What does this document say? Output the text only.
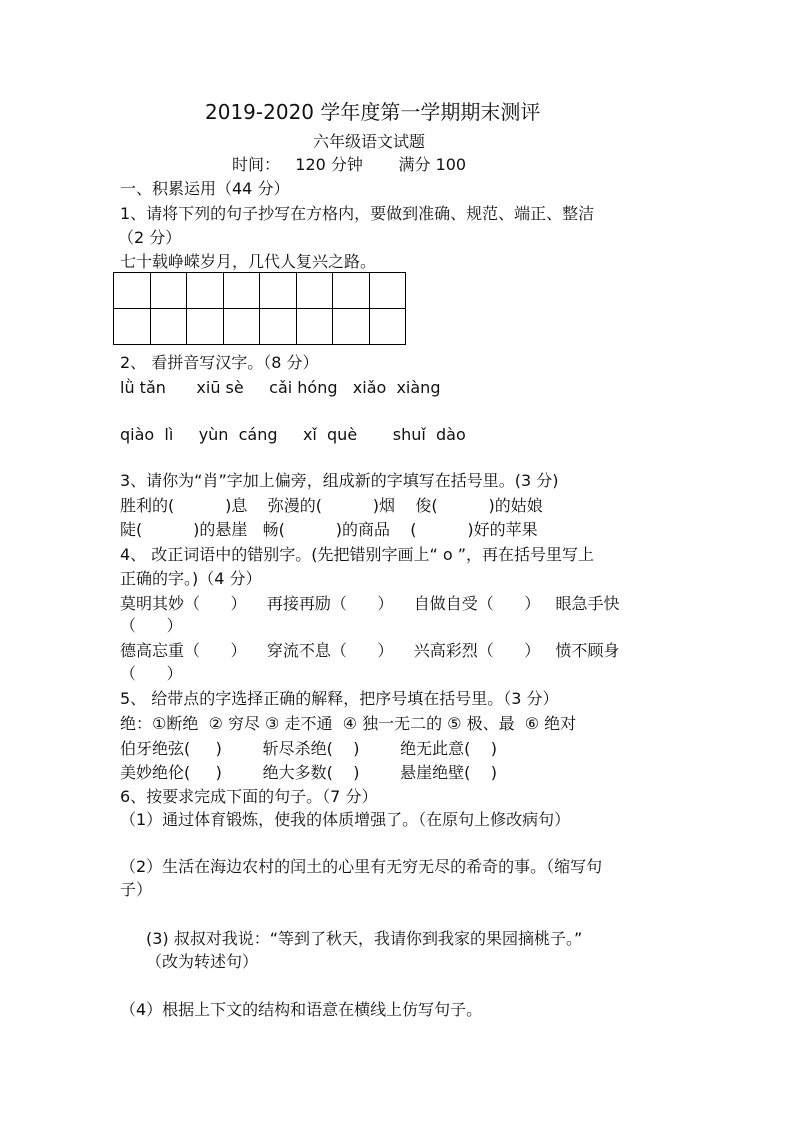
2019-2020 学年度第一学期期末测评
六年级语文试题
时间：   120 分钟       满分 100
一、积累运用（44 分）
1、请将下列的句子抄写在方格内，要做到准确、规范、端正、整洁
（2 分）
七十载峥嵘岁月，几代人复兴之路。

2、 看拼音写汉字。（8 分）
lǜ tǎn      xiū sè     cǎi hóng   xiǎo  xiàng
qiào  lì     yùn  cáng     xǐ  què       shuǐ  dào
3、请你为“肖”字加上偏旁，组成新的字填写在括号里。(3 分)
胜利的(          )息    弥漫的(          )烟    俊(          )的姑娘
陡(          )的悬崖   畅(          )的商品    (          )好的苹果
4、 改正词语中的错别字。(先把错别字画上“ o ”，再在括号里写上
正确的字。)（4 分）
莫明其妙（      ）    再接再励（      ）    自做自受（      ）   眼急手快
（      ）
德高忘重（      ）    穿流不息（      ）    兴高彩烈（      ）   愤不顾身
（      ）
5、 给带点的字选择正确的解释，把序号填在括号里。（3 分）
绝：①断绝  ② 穷尽 ③ 走不通  ④ 独一无二的 ⑤ 极、最  ⑥ 绝对
伯牙绝弦(     )        斩尽杀绝(    )        绝无此意(    )
美妙绝伦(     )        绝大多数(    )        悬崖绝壁(    )
6、按要求完成下面的句子。（7 分）
（1）通过体育锻炼，使我的体质增强了。（在原句上修改病句）
（2）生活在海边农村的闰土的心里有无穷无尽的希奇的事。（缩写句
子）
(3) 叔叔对我说：“等到了秋天，我请你到我家的果园摘桃子。”
（改为转述句）
（4）根据上下文的结构和语意在横线上仿写句子。
